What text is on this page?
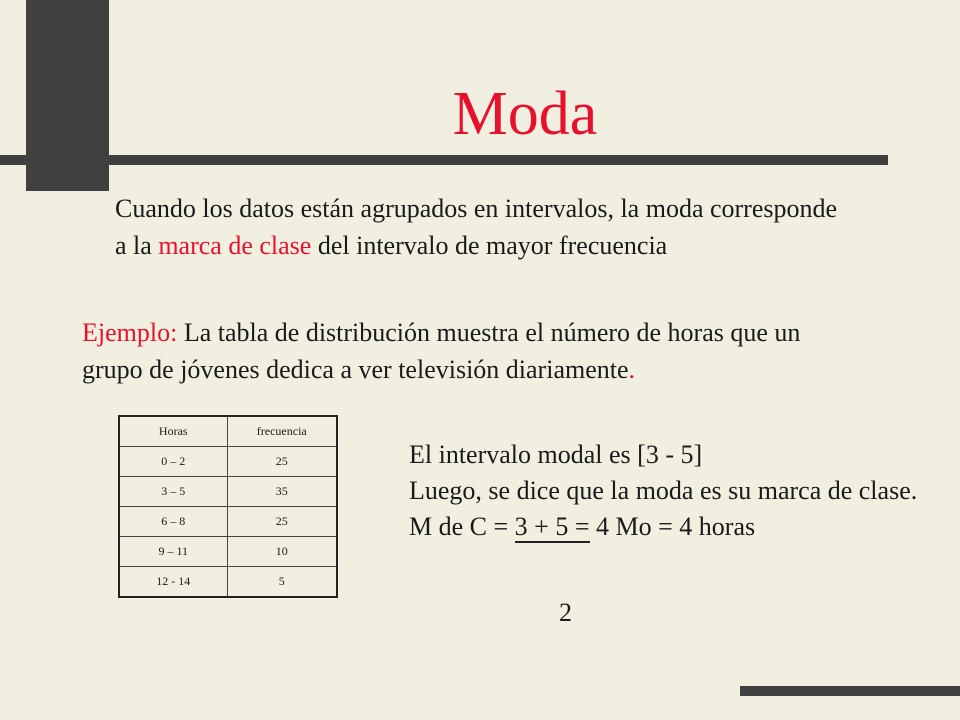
Moda
Cuando los datos están agrupados en intervalos, la moda corresponde a la marca de clase del intervalo de mayor frecuencia
Ejemplo: La tabla de distribución muestra el número de horas que un grupo de jóvenes dedica a ver televisión diariamente.
Horas	frecuencia
0 – 2	25
3 – 5	35
6 – 8	25
9 – 11	10
12 - 14	5
El intervalo modal es [3 - 5]
Luego, se dice que la moda es su marca de clase.
M de C = 3 + 5 = 4 Mo = 4 horas
2
